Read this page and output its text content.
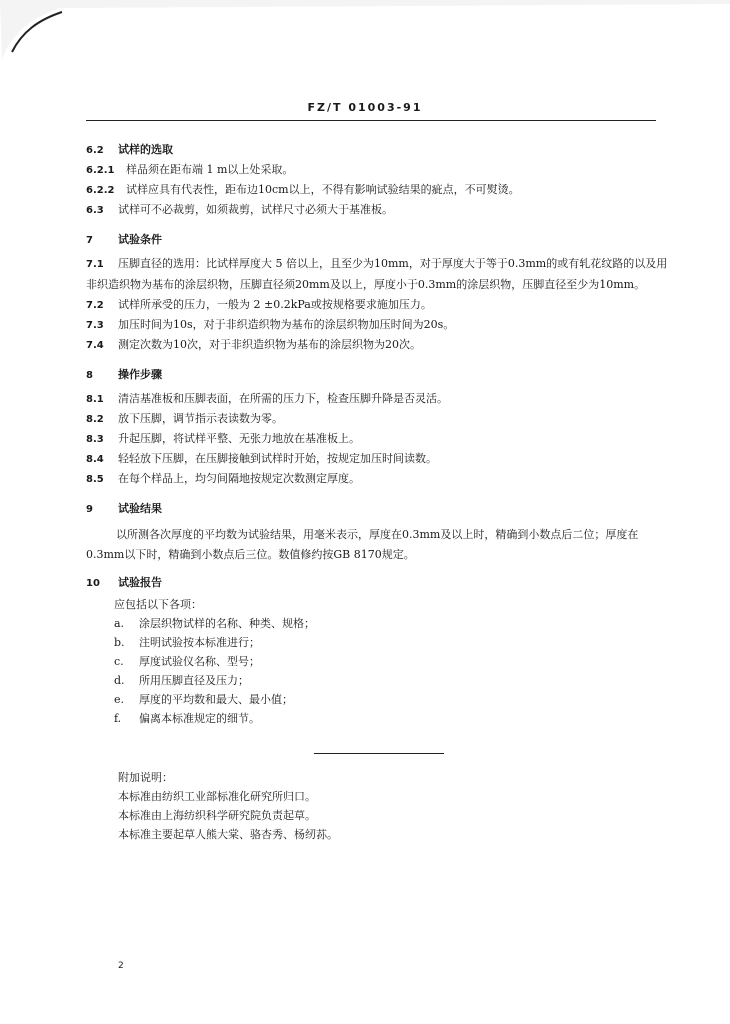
FZ/T 01003-91
6.2 试样的选取
6.2.1 样品须在距布端 1 m以上处采取。
6.2.2 试样应具有代表性，距布边10cm以上，不得有影响试验结果的疵点，不可熨烫。
6.3 试样可不必裁剪，如须裁剪，试样尺寸必须大于基准板。
7 试验条件
7.1 压脚直径的选用：比试样厚度大 5 倍以上，且至少为10mm，对于厚度大于等于0.3mm的或有轧花纹路的以及用非织造织物为基布的涂层织物，压脚直径须20mm及以上，厚度小于0.3mm的涂层织物，压脚直径至少为10mm。
7.2 试样所承受的压力，一般为 2 ±0.2kPa或按规格要求施加压力。
7.3 加压时间为10s，对于非织造织物为基布的涂层织物加压时间为20s。
7.4 测定次数为10次，对于非织造织物为基布的涂层织物为20次。
8 操作步骤
8.1 清洁基准板和压脚表面，在所需的压力下，检查压脚升降是否灵活。
8.2 放下压脚，调节指示表读数为零。
8.3 升起压脚，将试样平整、无张力地放在基准板上。
8.4 轻轻放下压脚，在压脚接触到试样时开始，按规定加压时间读数。
8.5 在每个样品上，均匀间隔地按规定次数测定厚度。
9 试验结果
以所测各次厚度的平均数为试验结果，用毫米表示，厚度在0.3mm及以上时，精确到小数点后二位；厚度在0.3mm以下时，精确到小数点后三位。数值修约按GB 8170规定。
10 试验报告
应包括以下各项：
a. 涂层织物试样的名称、种类、规格；
b. 注明试验按本标准进行；
c. 厚度试验仪名称、型号；
d. 所用压脚直径及压力；
e. 厚度的平均数和最大、最小值；
f. 偏离本标准规定的细节。
附加说明：
本标准由纺织工业部标准化研究所归口。
本标准由上海纺织科学研究院负责起草。
本标准主要起草人熊大棠、骆杏秀、杨纫荪。
2
